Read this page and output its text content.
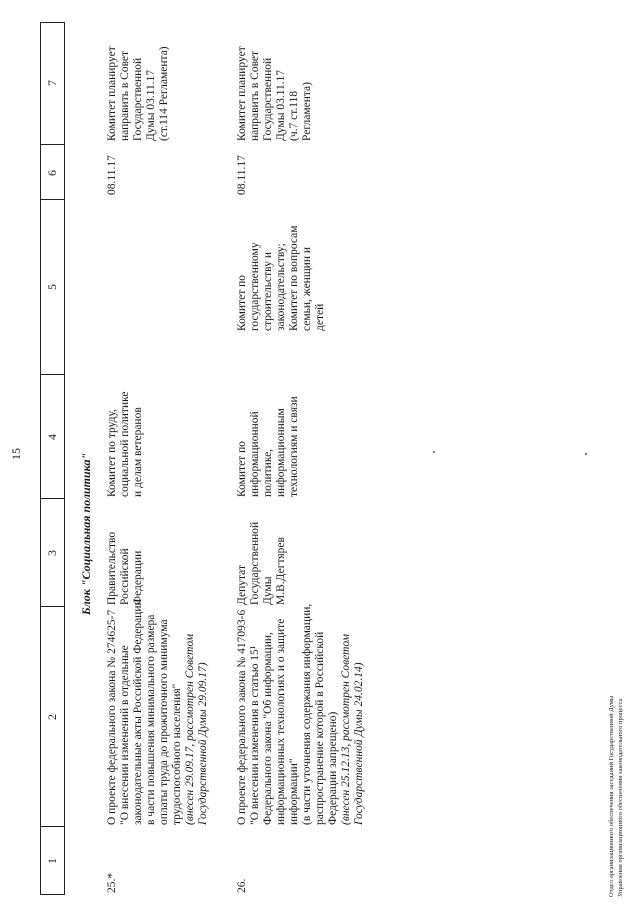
15
1
2
3
4
5
6
7
Блок "Социальная политика"
25.*
О проекте федерального закона № 274625-7 "О внесении изменений в отдельные законодательные акты Российской Федерации в части повышения минимального размера оплаты труда до прожиточного минимума трудоспособного населения" (внесен 29.09.17, рассмотрен Советом Государственной Думы 29.09.17)
Правительство Российской Федерации
Комитет по труду, социальной политике и делам ветеранов
08.11.17
Комитет планирует направить в Совет Государственной Думы 03.11.17 (ст.114 Регламента)
26.
О проекте федерального закона № 417093-6 "О внесении изменения в статью 15¹ Федерального закона "Об информации, информационных технологиях и о защите информации" (в части уточнения содержания информации, распространение которой в Российской Федерации запрещено) (внесен 25.12.13, рассмотрен Советом Государственной Думы 24.02.14)
Депутат Государственной Думы М.В.Дегтярев
Комитет по информационной политике, информационным технологиям и связи
Комитет по государственному строительству и законодательству; Комитет по вопросам семьи, женщин и детей
08.11.17
Комитет планирует направить в Совет Государственной Думы 03.11.17 (ч.7 ст.118 Регламента)
Отдел организационного обеспечения заседаний Государственной Думы Управления организационного обеспечения законодательного процесса
